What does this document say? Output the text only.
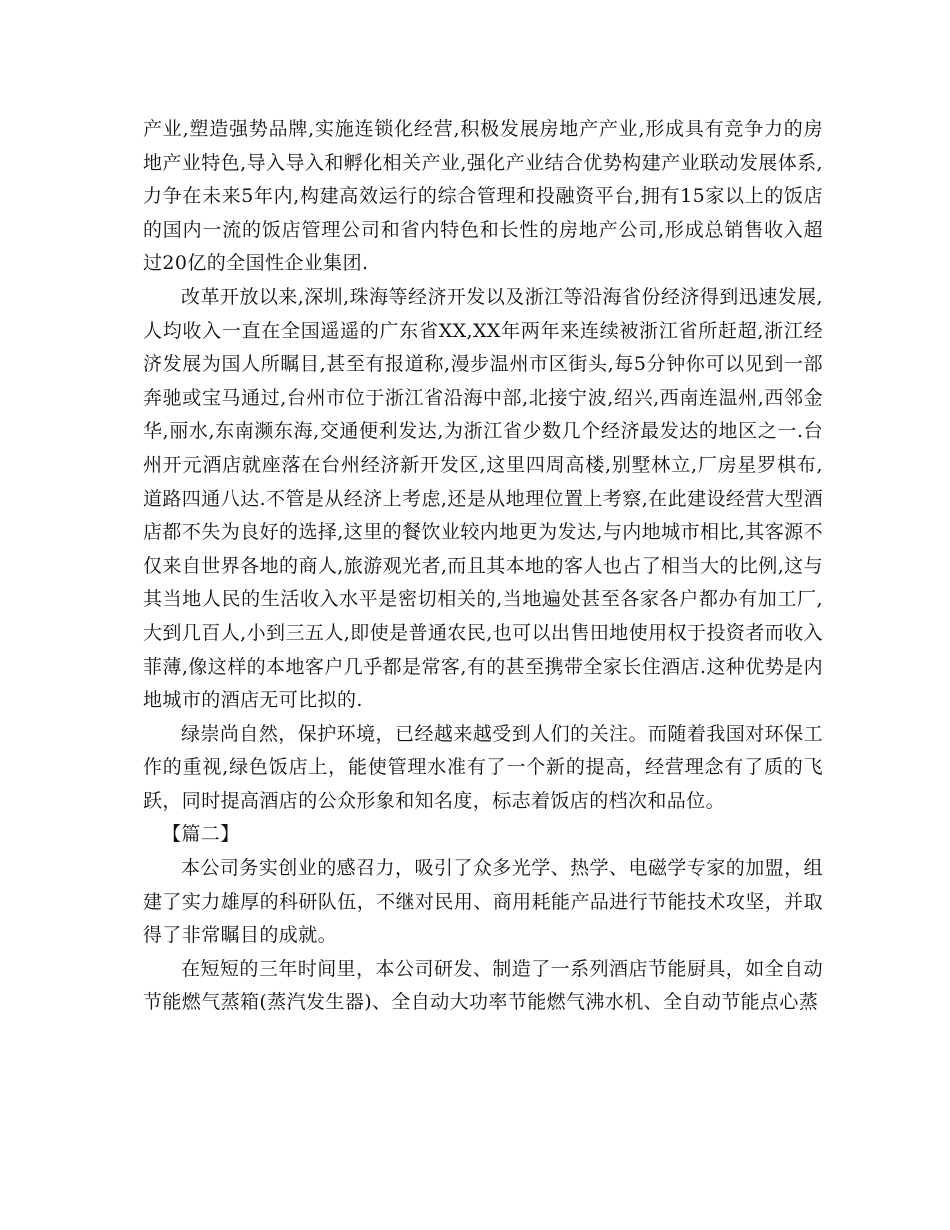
产业,塑造强势品牌,实施连锁化经营,积极发展房地产产业,形成具有竞争力的房地产业特色,导入导入和孵化相关产业,强化产业结合优势构建产业联动发展体系,力争在未来5年内,构建高效运行的综合管理和投融资平台,拥有15家以上的饭店的国内一流的饭店管理公司和省内特色和长性的房地产公司,形成总销售收入超过20亿的全国性企业集团.

改革开放以来,深圳,珠海等经济开发以及浙江等沿海省份经济得到迅速发展,人均收入一直在全国遥遥的广东省XX,XX年两年来连续被浙江省所赶超,浙江经济发展为国人所瞩目,甚至有报道称,漫步温州市区街头,每5分钟你可以见到一部奔驰或宝马通过,台州市位于浙江省沿海中部,北接宁波,绍兴,西南连温州,西邻金华,丽水,东南濒东海,交通便利发达,为浙江省少数几个经济最发达的地区之一.台州开元酒店就座落在台州经济新开发区,这里四周高楼,别墅林立,厂房星罗棋布,道路四通八达.不管是从经济上考虑,还是从地理位置上考察,在此建设经营大型酒店都不失为良好的选择,这里的餐饮业较内地更为发达,与内地城市相比,其客源不仅来自世界各地的商人,旅游观光者,而且其本地的客人也占了相当大的比例,这与其当地人民的生活收入水平是密切相关的,当地遍处甚至各家各户都办有加工厂,大到几百人,小到三五人,即使是普通农民,也可以出售田地使用权于投资者而收入菲薄,像这样的本地客户几乎都是常客,有的甚至携带全家长住酒店.这种优势是内地城市的酒店无可比拟的.

绿崇尚自然，保护环境，已经越来越受到人们的关注。而随着我国对环保工作的重视,绿色饭店上，能使管理水准有了一个新的提高，经营理念有了质的飞跃，同时提高酒店的公众形象和知名度，标志着饭店的档次和品位。

【篇二】

本公司务实创业的感召力，吸引了众多光学、热学、电磁学专家的加盟，组建了实力雄厚的科研队伍，不继对民用、商用耗能产品进行节能技术攻坚，并取得了非常瞩目的成就。

在短短的三年时间里，本公司研发、制造了一系列酒店节能厨具，如全自动节能燃气蒸箱(蒸汽发生器)、全自动大功率节能燃气沸水机、全自动节能点心蒸
